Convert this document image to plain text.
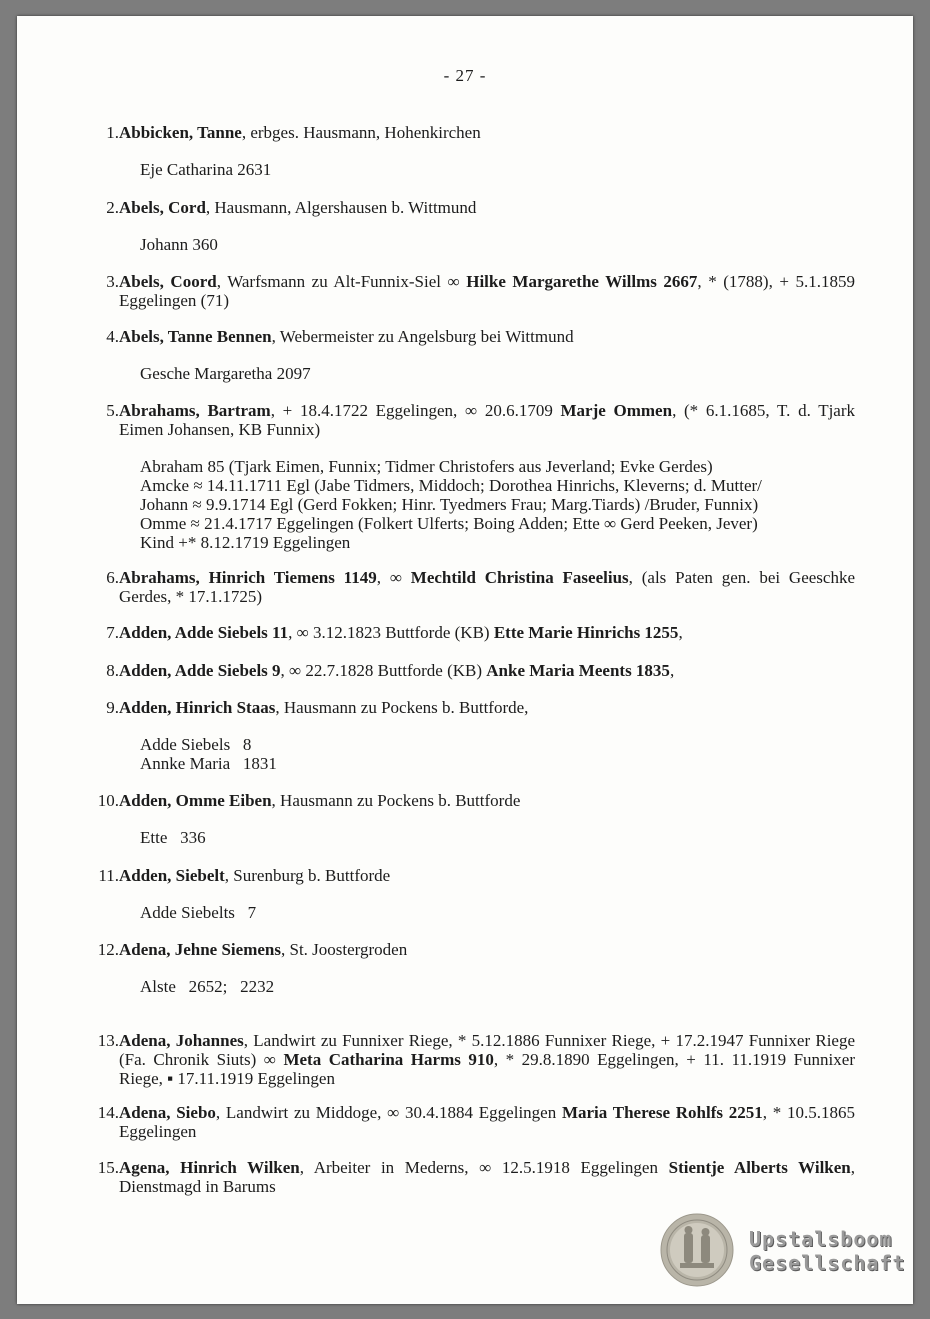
- 27 -
1. Abbicken, Tanne, erbges. Hausmann, Hohenkirchen
Eje Catharina 2631
2. Abels, Cord, Hausmann, Algershausen b. Wittmund
Johann 360
3. Abels, Coord, Warfsmann zu Alt-Funnix-Siel ∞ Hilke Margarethe Willms 2667, * (1788), + 5.1.1859 Eggelingen (71)
4. Abels, Tanne Bennen, Webermeister zu Angelsburg bei Wittmund
Gesche Margaretha 2097
5. Abrahams, Bartram, + 18.4.1722 Eggelingen, ∞ 20.6.1709 Marje Ommen, (* 6.1.1685, T. d. Tjark Eimen Johansen, KB Funnix)
Abraham 85 (Tjark Eimen, Funnix; Tidmer Christofers aus Jeverland; Evke Gerdes)
Amcke ≈ 14.11.1711 Egl (Jabe Tidmers, Middoch; Dorothea Hinrichs, Kleverns; d. Mutter/
Johann ≈ 9.9.1714 Egl (Gerd Fokken; Hinr. Tyedmers Frau; Marg.Tiards) /Bruder, Funnix)
Omme ≈ 21.4.1717 Eggelingen (Folkert Ulferts; Boing Adden; Ette ∞ Gerd Peeken, Jever)
Kind +* 8.12.1719 Eggelingen
6. Abrahams, Hinrich Tiemens 1149, ∞ Mechtild Christina Faseelius, (als Paten gen. bei Geeschke Gerdes, * 17.1.1725)
7. Adden, Adde Siebels 11, ∞ 3.12.1823 Buttforde (KB) Ette Marie Hinrichs 1255,
8. Adden, Adde Siebels 9, ∞ 22.7.1828 Buttforde (KB) Anke Maria Meents 1835,
9. Adden, Hinrich Staas, Hausmann zu Pockens b. Buttforde,
Adde Siebels   8
Annke Maria   1831
10. Adden, Omme Eiben, Hausmann zu Pockens b. Buttforde
Ette   336
11. Adden, Siebelt, Surenburg b. Buttforde
Adde Siebelts   7
12. Adena, Jehne Siemens, St. Joostergroden
Alste   2652;   2232
13. Adena, Johannes, Landwirt zu Funnixer Riege, * 5.12.1886 Funnixer Riege, + 17.2.1947 Funnixer Riege (Fa. Chronik Siuts) ∞ Meta Catharina Harms 910, * 29.8.1890 Eggelingen, + 11. 11.1919 Funnixer Riege, ▪ 17.11.1919 Eggelingen
14. Adena, Siebo, Landwirt zu Middoge, ∞ 30.4.1884 Eggelingen Maria Therese Rohlfs 2251, * 10.5.1865 Eggelingen
15. Agena, Hinrich Wilken, Arbeiter in Mederns, ∞ 12.5.1918 Eggelingen Stientje Alberts Wilken, Dienstmagd in Barums
Upstalsboom
Gesellschaft
